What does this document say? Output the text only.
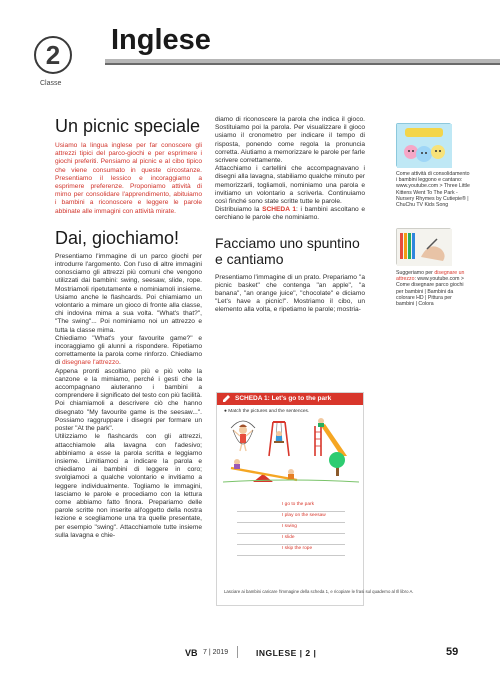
2
Classe
Inglese
Un picnic speciale

Usiamo la lingua inglese per far conoscere gli attrezzi tipici del parco-giochi e per esprimere i giochi preferiti. Pensiamo al picnic e al cibo tipico che viene consumato in queste circostanze. Presentiamo il lessico e incoraggiamo a esprimere preferenze. Proponiamo attività di mimo per consolidare l'apprendimento, abituiamo i bambini a riconoscere e leggere le parole abbinate alle immagini con attività mirate.

Dai, giochiamo!

Presentiamo l'immagine di un parco giochi per introdurre l'argomento. Con l'uso di altre immagini conosciamo gli attrezzi più comuni che vengono utilizzati dai bambini: swing, seesaw, slide, rope. Mostriamoli ripetutamente e nominiamoli insieme. Usiamo anche le flashcards. Poi chiamiamo un volontario a mimare un gioco di fronte alla classe, chi indovina mima a sua volta. "What's that?", "The swing"... Poi nominiamo noi un attrezzo e tutta la classe mima.

Chiediamo "What's your favourite game?" e incoraggiamo gli alunni a rispondere. Ripetiamo correttamente la parola come rinforzo. Chiediamo di disegnare l'attrezzo.

Appena pronti ascoltiamo più e più volte la canzone e la mimiamo, perché i gesti che la accompagnano aiuteranno i bambini a comprendere il significato del testo con più facilità.

Poi chiamiamoli a descrivere ciò che hanno disegnato "My favourite game is the seesaw...". Possiamo raggruppare i disegni per formare un poster "At the park".

Utilizziamo le flashcards con gli attrezzi, attacchiamole alla lavagna con l'adesivo; abbiniamo a esse la parola scritta e leggiamo insieme. Limitiamoci a indicare la parola e chiediamo ai bambini di leggere in coro; svolgiamoci a qualche volontario e invitiamo a leggere individualmente. Togliamo le immagini, lasciamo le parole e procediamo con la lettura come abbiamo fatto finora. Prepariamo delle parole scritte non inserite all'oggetto della nostra lezione e scegliamone una tra quelle presentate, per esempio "swing". Attacchiamole tutte insieme sulla lavagna e chie-

diamo di riconoscere la parola che indica il gioco. Sostituiamo poi la parola. Per visualizzare il gioco usiamo il cronometro per indicare il tempo di risposta, ponendo come regola la pronuncia corretta. Aiutiamo a memorizzare le parole per farle scrivere correttamente.

Attacchiamo i cartellini che accompagnavano i disegni alla lavagna, stabiliamo qualche minuto per memorizzarli, togliamoli, nominiamo una parola e invitiamo un volontario a scriverla. Continuiamo così finché sono state scritte tutte le parole.

Distribuiamo la SCHEDA 1: i bambini ascoltano e cerchiano le parole che nominiamo.

Facciamo uno spuntino e cantiamo

Presentiamo l'immagine di un prato. Prepariamo "a picnic basket" che contenga "an apple", "a banana", "an orange juice", "chocolate" e diciamo "Let's have a picnic!". Mostriamo il cibo, un elemento alla volta, e ripetiamo le parole; mostria-

Come attività di consolidamento i bambini leggono e cantano: www.youtube.com > Three Little Kittens Went To The Park - Nursery Rhymes by Cutiepie® | ChuChu TV Kids Song
Suggeriamo per disegnare un attrezzo: www.youtube.com > Come disegnare parco giochi per bambini | Bambini da colorare HD | Pittura per bambini | Colora
SCHEDA 1: Let's go to the park
● Match the pictures and the sentences.
I go to the park
I play on the seesaw
I swing
I slide
I skip the rope
Lasciare ai bambini caricare l'immagine della scheda 1, e ricopiare le frasi sul quaderno al Ill libro A.
VB 7 | 2019	INGLESE | 2 |	59
